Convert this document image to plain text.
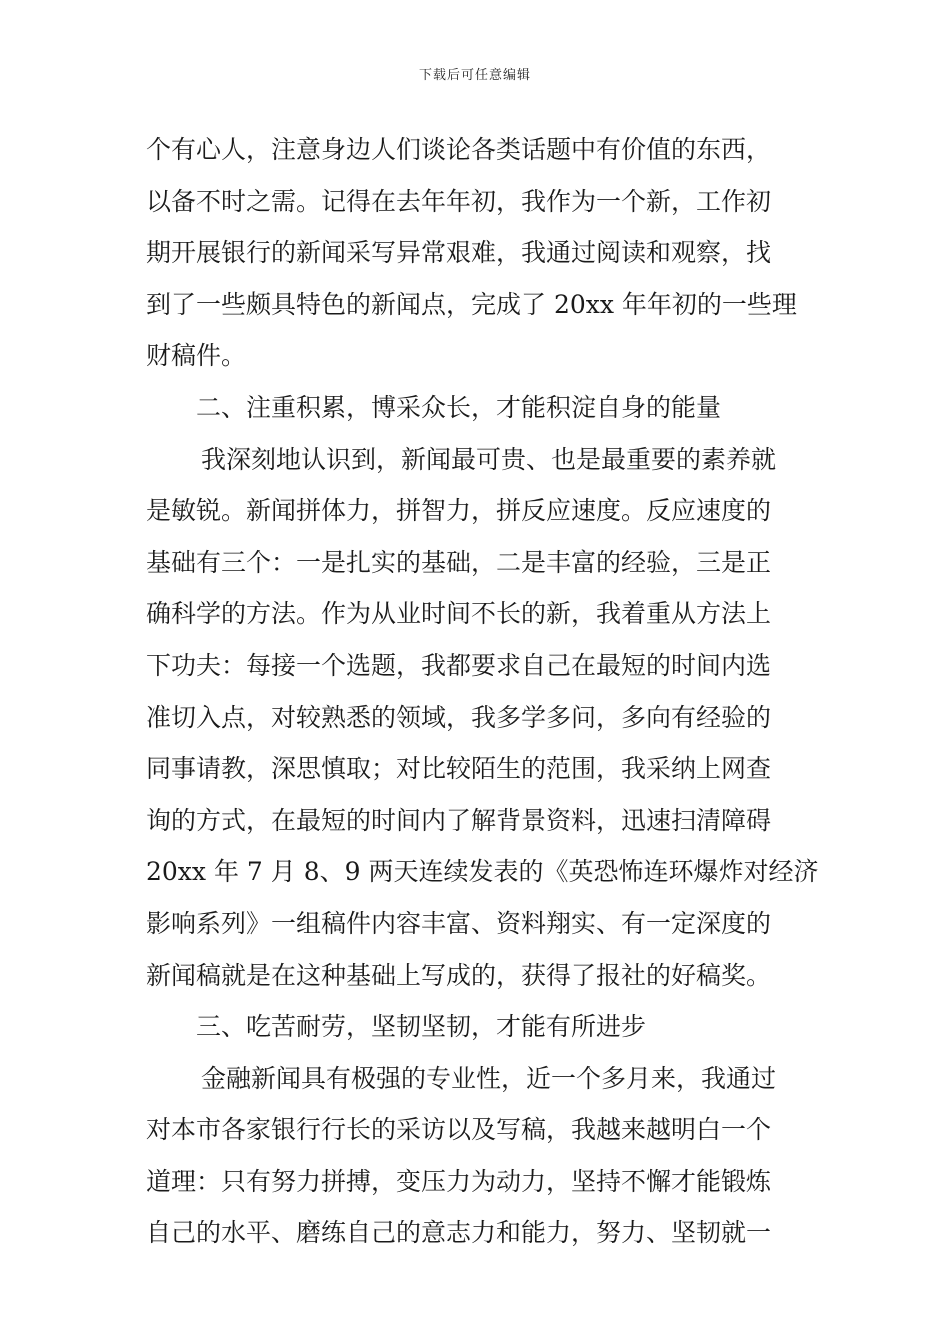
下载后可任意编辑
个有心人，注意身边人们谈论各类话题中有价值的东西，
以备不时之需。记得在去年年初，我作为一个新，工作初
期开展银行的新闻采写异常艰难，我通过阅读和观察，找
到了一些颇具特色的新闻点，完成了 20xx 年年初的一些理
财稿件。
二、注重积累，博采众长，才能积淀自身的能量
我深刻地认识到，新闻最可贵、也是最重要的素养就
是敏锐。新闻拼体力，拼智力，拼反应速度。反应速度的
基础有三个：一是扎实的基础，二是丰富的经验，三是正
确科学的方法。作为从业时间不长的新，我着重从方法上
下功夫：每接一个选题，我都要求自己在最短的时间内选
准切入点，对较熟悉的领域，我多学多问，多向有经验的
同事请教，深思慎取；对比较陌生的范围，我采纳上网查
询的方式，在最短的时间内了解背景资料，迅速扫清障碍
20xx 年 7 月 8、9 两天连续发表的《英恐怖连环爆炸对经济
影响系列》一组稿件内容丰富、资料翔实、有一定深度的
新闻稿就是在这种基础上写成的，获得了报社的好稿奖。
三、吃苦耐劳，坚韧坚韧，才能有所进步
金融新闻具有极强的专业性，近一个多月来，我通过
对本市各家银行行长的采访以及写稿，我越来越明白一个
道理：只有努力拼搏，变压力为动力，坚持不懈才能锻炼
自己的水平、磨练自己的意志力和能力，努力、坚韧就一
